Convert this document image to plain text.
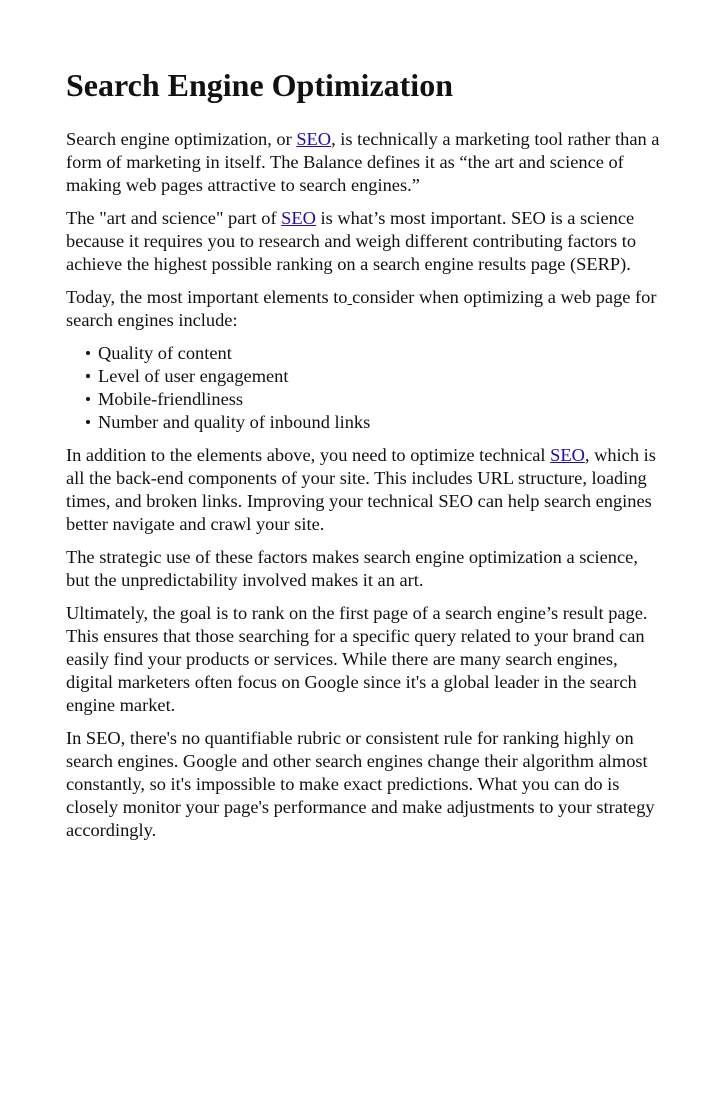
Search Engine Optimization

Search engine optimization, or SEO, is technically a marketing tool rather than a form of marketing in itself. The Balance defines it as “the art and science of making web pages attractive to search engines.”

The "art and science" part of SEO is what’s most important. SEO is a science because it requires you to research and weigh different contributing factors to achieve the highest possible ranking on a search engine results page (SERP).

Today, the most important elements to consider when optimizing a web page for search engines include:

Quality of content
Level of user engagement
Mobile-friendliness
Number and quality of inbound links

In addition to the elements above, you need to optimize technical SEO, which is all the back-end components of your site. This includes URL structure, loading times, and broken links. Improving your technical SEO can help search engines better navigate and crawl your site.

The strategic use of these factors makes search engine optimization a science, but the unpredictability involved makes it an art.

Ultimately, the goal is to rank on the first page of a search engine’s result page. This ensures that those searching for a specific query related to your brand can easily find your products or services. While there are many search engines, digital marketers often focus on Google since it's a global leader in the search engine market.

In SEO, there's no quantifiable rubric or consistent rule for ranking highly on search engines. Google and other search engines change their algorithm almost constantly, so it's impossible to make exact predictions. What you can do is closely monitor your page's performance and make adjustments to your strategy accordingly.
